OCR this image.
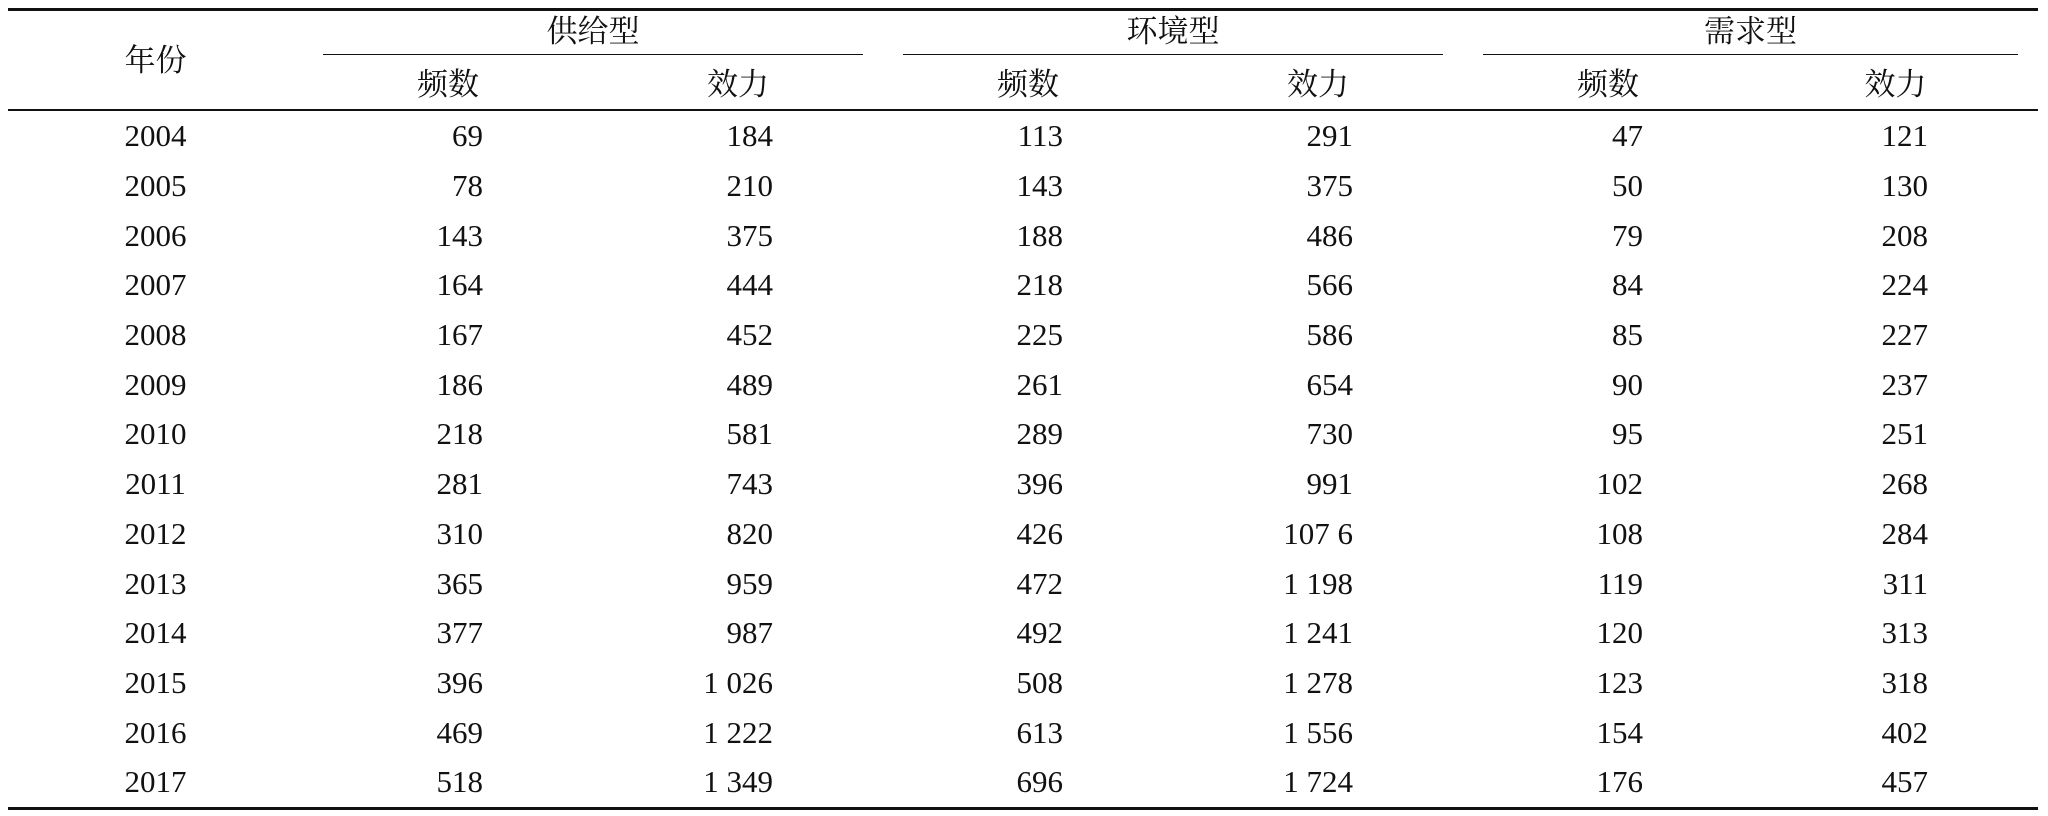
年份	供给型		环境型		需求型	

	频数	效力	频数	效力	频数	效力
2004	69	184	113	291	47	121
2005	78	210	143	375	50	130
2006	143	375	188	486	79	208
2007	164	444	218	566	84	224
2008	167	452	225	586	85	227
2009	186	489	261	654	90	237
2010	218	581	289	730	95	251
2011	281	743	396	991	102	268
2012	310	820	426	107 6	108	284
2013	365	959	472	1 198	119	311
2014	377	987	492	1 241	120	313
2015	396	1 026	508	1 278	123	318
2016	469	1 222	613	1 556	154	402
2017	518	1 349	696	1 724	176	457
